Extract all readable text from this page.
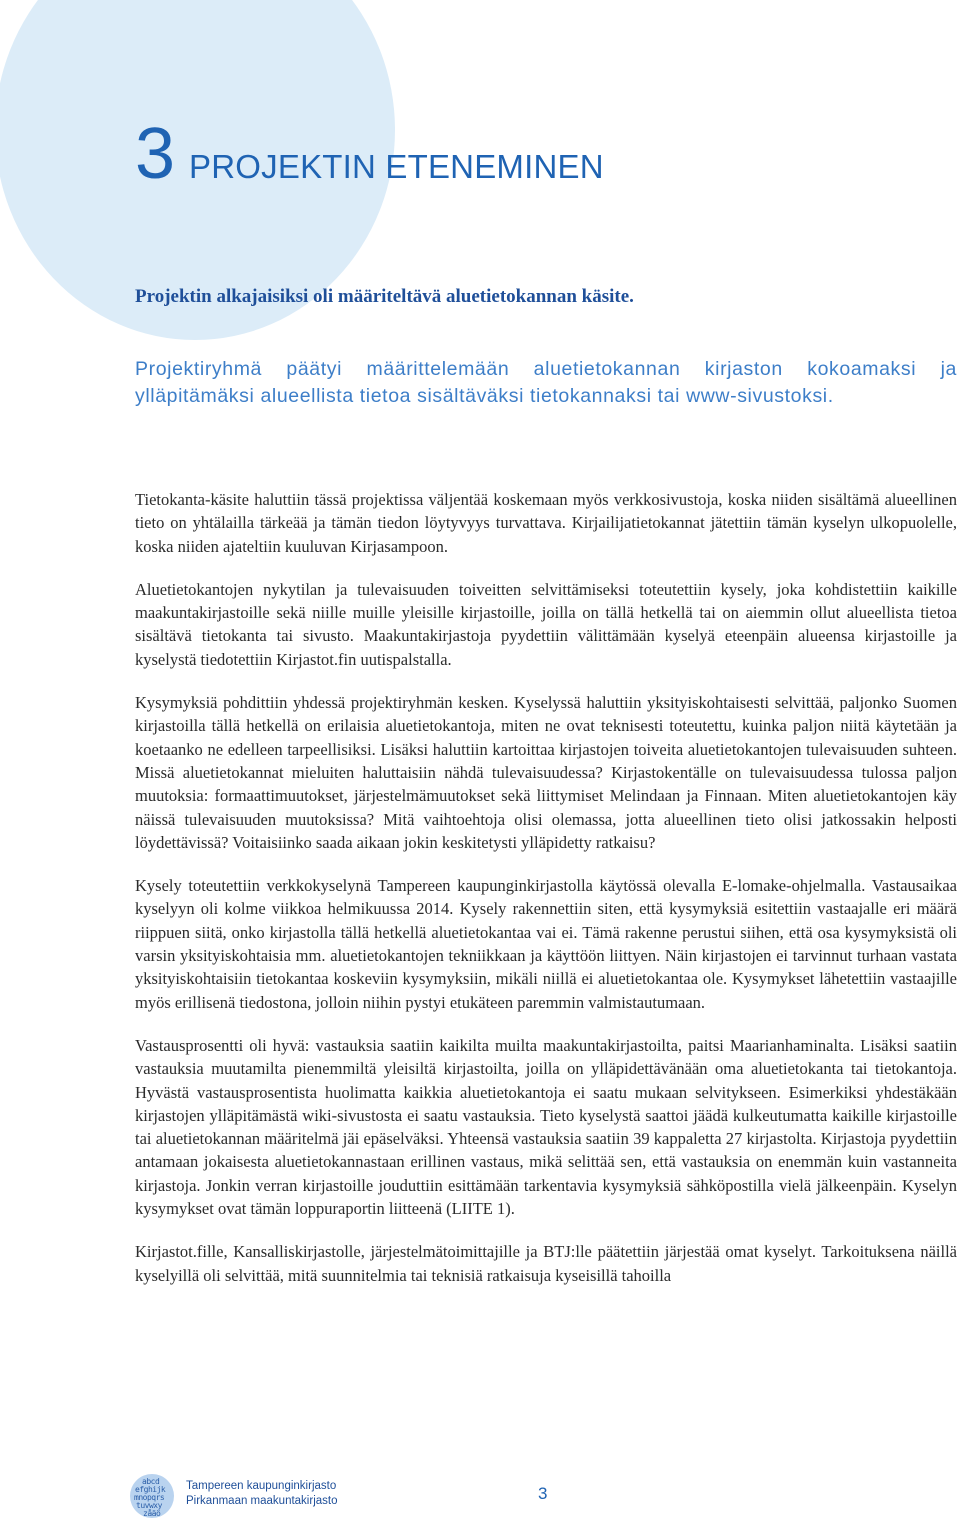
3 PROJEKTIN ETENEMINEN
Projektin alkajaisiksi oli määriteltävä aluetietokannan käsite.

Projektiryhmä päätyi määrittelemään aluetietokannan kirjaston kokoamaksi ja ylläpitämäksi alueellista tietoa sisältäväksi tietokannaksi tai www-sivustoksi.

Tietokanta-käsite haluttiin tässä projektissa väljentää koskemaan myös verkkosivustoja, koska niiden sisältämä alueellinen tieto on yhtälailla tärkeää ja tämän tiedon löytyvyys turvattava. Kirjailijatietokannat jätettiin tämän kyselyn ulkopuolelle, koska niiden ajateltiin kuuluvan Kirjasampoon.

Aluetietokantojen nykytilan ja tulevaisuuden toiveitten selvittämiseksi toteutettiin kysely, joka kohdistettiin kaikille maakuntakirjastoille sekä niille muille yleisille kirjastoille, joilla on tällä hetkellä tai on aiemmin ollut alueellista tietoa sisältävä tietokanta tai sivusto. Maakuntakirjastoja pyydettiin välittämään kyselyä eteenpäin alueensa kirjastoille ja kyselystä tiedotettiin Kirjastot.fin uutispalstalla.

Kysymyksiä pohdittiin yhdessä projektiryhmän kesken. Kyselyssä haluttiin yksityiskohtaisesti selvittää, paljonko Suomen kirjastoilla tällä hetkellä on erilaisia aluetietokantoja, miten ne ovat teknisesti toteutettu, kuinka paljon niitä käytetään ja koetaanko ne edelleen tarpeellisiksi. Lisäksi haluttiin kartoittaa kirjastojen toiveita aluetietokantojen tulevaisuuden suhteen. Missä aluetietokannat mieluiten haluttaisiin nähdä tulevaisuudessa? Kirjastokentälle on tulevaisuudessa tulossa paljon muutoksia: formaattimuutokset, järjestelmämuutokset sekä liittymiset Melindaan ja Finnaan. Miten aluetietokantojen käy näissä tulevaisuuden muutoksissa? Mitä vaihtoehtoja olisi olemassa, jotta alueellinen tieto olisi jatkossakin helposti löydettävissä? Voitaisiinko saada aikaan jokin keskitetysti ylläpidetty ratkaisu?

Kysely toteutettiin verkkokyselynä Tampereen kaupunginkirjastolla käytössä olevalla E-lomake-ohjelmalla. Vastausaikaa kyselyyn oli kolme viikkoa helmikuussa 2014. Kysely rakennettiin siten, että kysymyksiä esitettiin vastaajalle eri määrä riippuen siitä, onko kirjastolla tällä hetkellä aluetietokantaa vai ei. Tämä rakenne perustui siihen, että osa kysymyksistä oli varsin yksityiskohtaisia mm. aluetietokantojen tekniikkaan ja käyttöön liittyen. Näin kirjastojen ei tarvinnut turhaan vastata yksityiskohtaisiin tietokantaa koskeviin kysymyksiin, mikäli niillä ei aluetietokantaa ole. Kysymykset lähetettiin vastaajille myös erillisenä tiedostona, jolloin niihin pystyi etukäteen paremmin valmistautumaan.

Vastausprosentti oli hyvä: vastauksia saatiin kaikilta muilta maakuntakirjastoilta, paitsi Maarianhaminalta. Lisäksi saatiin vastauksia muutamilta pienemmiltä yleisiltä kirjastoilta, joilla on ylläpidettävänään oma aluetietokanta tai tietokantoja. Hyvästä vastausprosentista huolimatta kaikkia aluetietokantoja ei saatu mukaan selvitykseen. Esimerkiksi yhdestäkään kirjastojen ylläpitämästä wiki-sivustosta ei saatu vastauksia. Tieto kyselystä saattoi jäädä kulkeutumatta kaikille kirjastoille tai aluetietokannan määritelmä jäi epäselväksi. Yhteensä vastauksia saatiin 39 kappaletta 27 kirjastolta. Kirjastoja pyydettiin antamaan jokaisesta aluetietokannastaan erillinen vastaus, mikä selittää sen, että vastauksia on enemmän kuin vastanneita kirjastoja. Jonkin verran kirjastoille jouduttiin esittämään tarkentavia kysymyksiä sähköpostilla vielä jälkeenpäin. Kyselyn kysymykset ovat tämän loppuraportin liitteenä (LIITE 1).

Kirjastot.fille, Kansalliskirjastolle, järjestelmätoimittajille ja BTJ:lle päätettiin järjestää omat kyselyt. Tarkoituksena näillä kyselyillä oli selvittää, mitä suunnitelmia tai teknisiä ratkaisuja kyseisillä tahoilla

abcd
efghijk
mnopqrs
tuvwxy
zåäö
Tampereen kaupunginkirjasto
Pirkanmaan maakuntakirjasto	3
